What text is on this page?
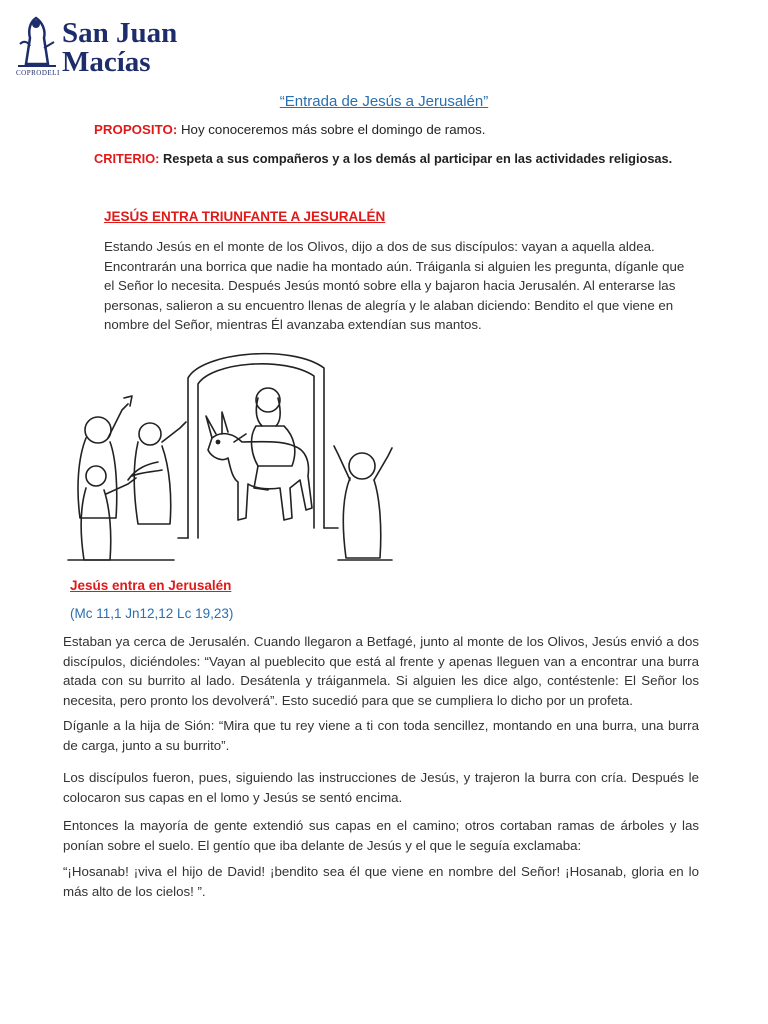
San Juan
Macías
COPRODELI
“Entrada de Jesús a Jerusalén”
PROPOSITO: Hoy conoceremos más sobre el domingo de ramos.
CRITERIO: Respeta a sus compañeros y a los demás al participar en las actividades religiosas.
JESÚS ENTRA TRIUNFANTE A JESURALÉN
Estando Jesús en el monte de los Olivos, dijo a dos de sus discípulos: vayan a aquella aldea. Encontrarán una borrica que nadie ha montado aún. Tráiganla si alguien les pregunta, díganle que el Señor lo necesita. Después Jesús montó sobre ella y bajaron hacia Jerusalén. Al enterarse las personas, salieron a su encuentro llenas de alegría y le alaban diciendo: Bendito el que viene en nombre del Señor, mientras Él avanzaba extendían sus mantos.
Jesús entra en Jerusalén
(Mc 11,1 Jn12,12 Lc 19,23)
Estaban ya cerca de Jerusalén. Cuando llegaron a Betfagé, junto al monte de los Olivos, Jesús envió a dos discípulos, diciéndoles: “Vayan al pueblecito que está al frente y apenas lleguen van a encontrar una burra atada con su burrito al lado. Desátenla y tráiganmela. Si alguien les dice algo, contéstenle: El Señor los necesita, pero pronto los devolverá”. Esto sucedió para que se cumpliera lo dicho por un profeta.
Díganle a la hija de Sión: “Mira que tu rey viene a ti con toda sencillez, montando en una burra, una burra de carga, junto a su burrito”.
Los discípulos fueron, pues, siguiendo las instrucciones de Jesús, y trajeron la burra con cría. Después le colocaron sus capas en el lomo y Jesús se sentó encima.
Entonces la mayoría de gente extendió sus capas en el camino; otros cortaban ramas de árboles y las ponían sobre el suelo. El gentío que iba delante de Jesús y el que le seguía exclamaba:
“¡Hosanab! ¡viva el hijo de David! ¡bendito sea él que viene en nombre del Señor! ¡Hosanab, gloria en lo más alto de los cielos! ”.
